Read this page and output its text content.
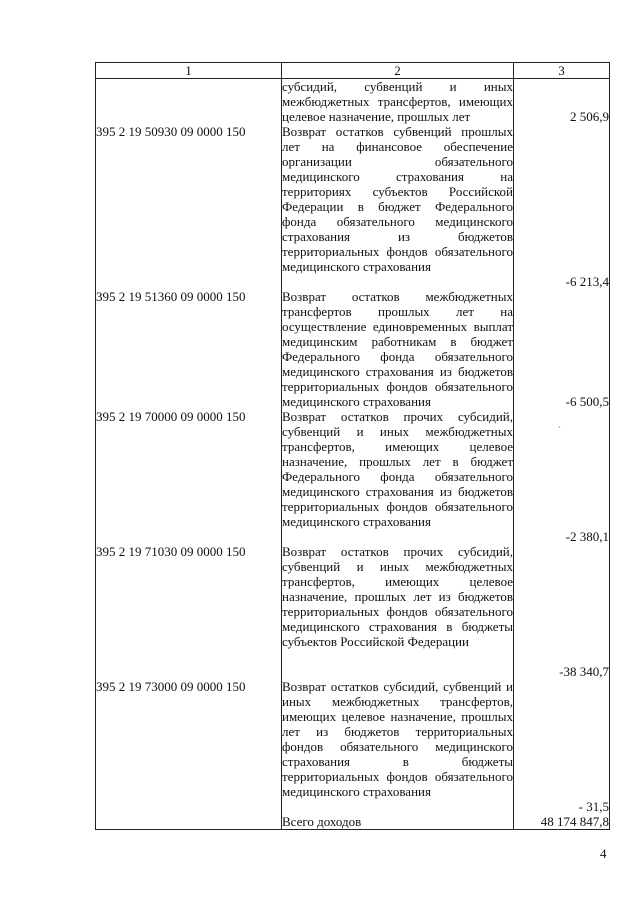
1	2	3
	субсидий, субвенций и иных межбюджетных трансфертов, имеющих целевое назначение, прошлых лет	2 506,9
395 2 19 50930 09 0000 150	Возврат остатков субвенций прошлых лет на финансовое обеспечение организации обязательного медицинского страхования на территориях субъектов Российской Федерации в бюджет Федерального фонда обязательного медицинского страхования из бюджетов территориальных фондов обязательного медицинского страхования	-6 213,4
395 2 19 51360 09 0000 150	Возврат остатков межбюджетных трансфертов прошлых лет на осуществление единовременных выплат медицинским работникам в бюджет Федерального фонда обязательного медицинского страхования из бюджетов территориальных фондов обязательного медицинского страхования	-6 500,5
395 2 19 70000 09 0000 150	Возврат остатков прочих субсидий, субвенций и иных межбюджетных трансфертов, имеющих целевое назначение, прошлых лет в бюджет Федерального фонда обязательного медицинского страхования из бюджетов территориальных фондов обязательного медицинского страхования	-2 380,1
395 2 19 71030 09 0000 150	Возврат остатков прочих субсидий, субвенций и иных межбюджетных трансфертов, имеющих целевое назначение, прошлых лет из бюджетов территориальных фондов обязательного медицинского страхования в бюджеты субъектов Российской Федерации	-38 340,7
395 2 19 73000 09 0000 150	Возврат остатков субсидий, субвенций и иных межбюджетных трансфертов, имеющих целевое назначение, прошлых лет из бюджетов территориальных фондов обязательного медицинского страхования в бюджеты территориальных фондов обязательного медицинского страхования	- 31,5
	Всего доходов	48 174 847,8
`
4
